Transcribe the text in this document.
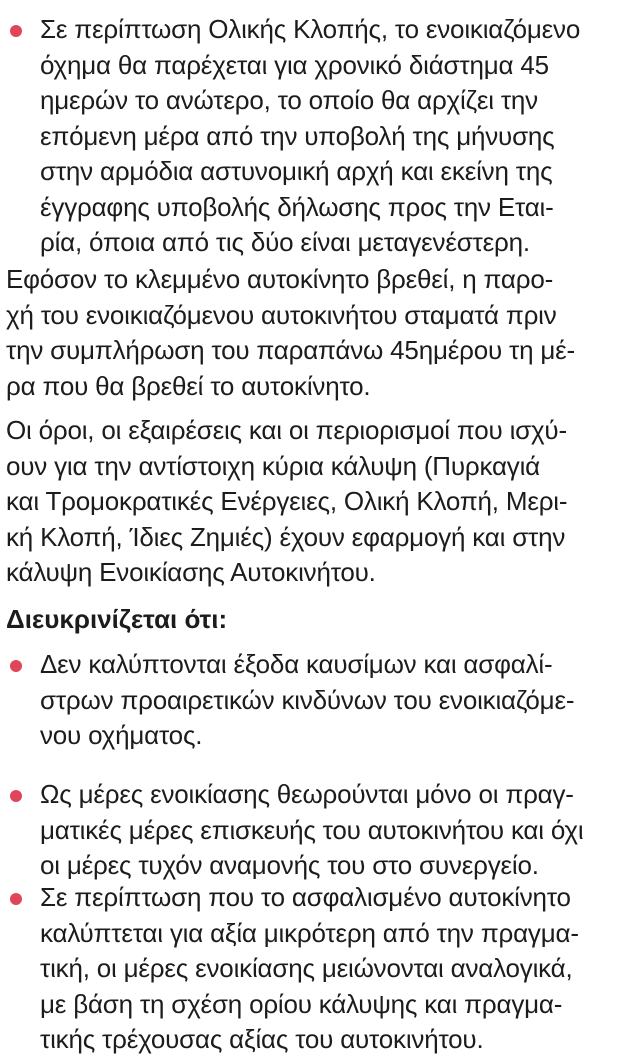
Σε περίπτωση Ολικής Κλοπής, το ενοικιαζόμενο
όχημα θα παρέχεται για χρονικό διάστημα 45
ημερών το ανώτερο, το οποίο θα αρχίζει την
επόμενη μέρα από την υποβολή της μήνυσης
στην αρμόδια αστυνομική αρχή και εκείνη της
έγγραφης υποβολής δήλωσης προς την Εται-
ρία, όποια από τις δύο είναι μεταγενέστερη.
Εφόσον το κλεμμένο αυτοκίνητο βρεθεί, η παρο-
χή του ενοικιαζόμενου αυτοκινήτου σταματά πριν
την συμπλήρωση του παραπάνω 45ημέρου τη μέ-
ρα που θα βρεθεί το αυτοκίνητο.
Οι όροι, οι εξαιρέσεις και οι περιορισμοί που ισχύ-
ουν για την αντίστοιχη κύρια κάλυψη (Πυρκαγιά
και Τρομοκρατικές Ενέργειες, Ολική Κλοπή, Μερι-
κή Κλοπή, Ίδιες Ζημιές) έχουν εφαρμογή και στην
κάλυψη Ενοικίασης Αυτοκινήτου.
Διευκρινίζεται ότι:
Δεν καλύπτονται έξοδα καυσίμων και ασφαλί-
στρων προαιρετικών κινδύνων του ενοικιαζόμε-
νου οχήματος.
Ως μέρες ενοικίασης θεωρούνται μόνο οι πραγ-
ματικές μέρες επισκευής του αυτοκινήτου και όχι
οι μέρες τυχόν αναμονής του στο συνεργείο.
Σε περίπτωση που το ασφαλισμένο αυτοκίνητο
καλύπτεται για αξία μικρότερη από την πραγμα-
τική, οι μέρες ενοικίασης μειώνονται αναλογικά,
με βάση τη σχέση ορίου κάλυψης και πραγμα-
τικής τρέχουσας αξίας του αυτοκινήτου.
